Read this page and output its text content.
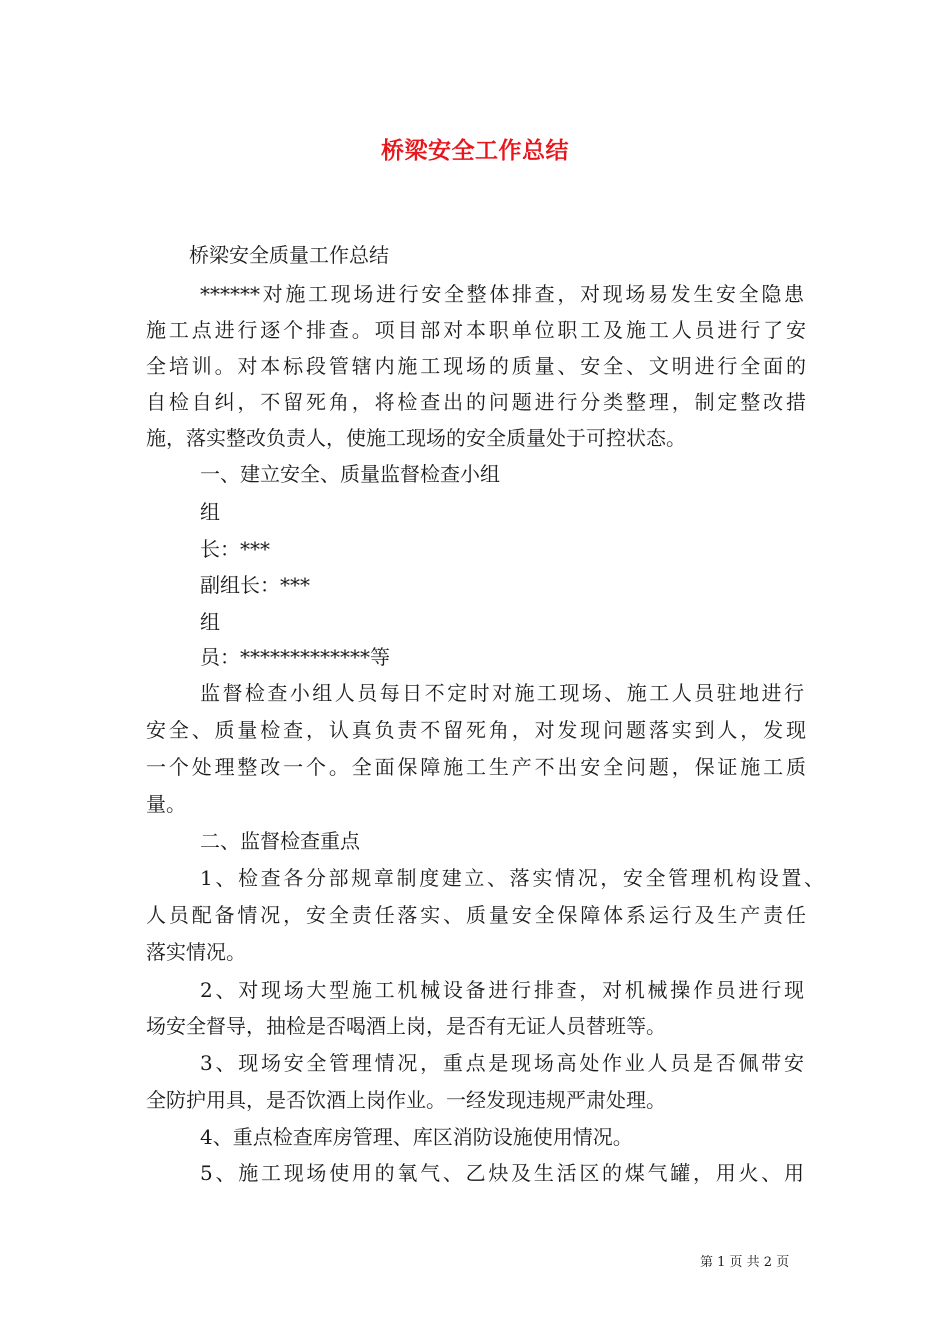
桥梁安全工作总结
桥梁安全质量工作总结
******对施工现场进行安全整体排查，对现场易发生安全隐患
施工点进行逐个排查。项目部对本职单位职工及施工人员进行了安
全培训。对本标段管辖内施工现场的质量、安全、文明进行全面的
自检自纠，不留死角，将检查出的问题进行分类整理，制定整改措
施，落实整改负责人，使施工现场的安全质量处于可控状态。
一、建立安全、质量监督检查小组
组
长：***
副组长：***
组
员：*************等
监督检查小组人员每日不定时对施工现场、施工人员驻地进行
安全、质量检查，认真负责不留死角，对发现问题落实到人，发现
一个处理整改一个。全面保障施工生产不出安全问题，保证施工质
量。
二、监督检查重点
1、检查各分部规章制度建立、落实情况，安全管理机构设置、
人员配备情况，安全责任落实、质量安全保障体系运行及生产责任
落实情况。
2、对现场大型施工机械设备进行排查，对机械操作员进行现
场安全督导，抽检是否喝酒上岗，是否有无证人员替班等。
3、现场安全管理情况，重点是现场高处作业人员是否佩带安
全防护用具，是否饮酒上岗作业。一经发现违规严肃处理。
4、重点检查库房管理、库区消防设施使用情况。
5、施工现场使用的氧气、乙炔及生活区的煤气罐，用火、用
第 1 页 共 2 页
